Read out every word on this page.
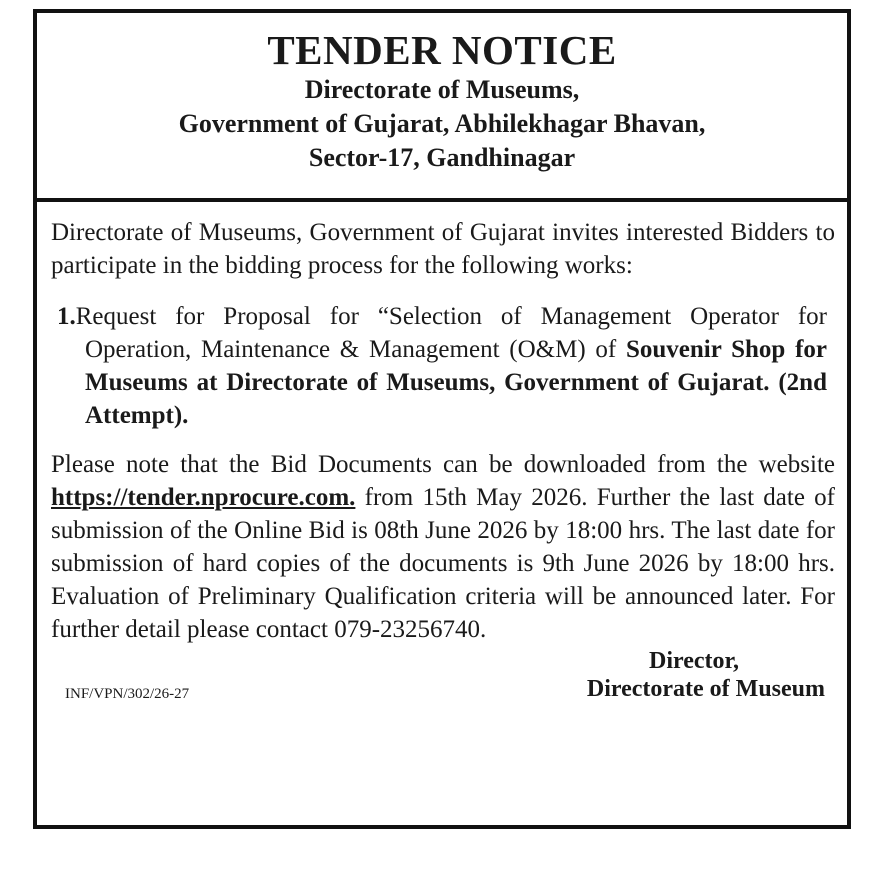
TENDER NOTICE
Directorate of Museums,
Government of Gujarat, Abhilekhagar Bhavan,
Sector-17, Gandhinagar

Directorate of Museums, Government of Gujarat invites interested Bidders to participate in the bidding process for the following works:

1.Request for Proposal for “Selection of Management Operator for Operation, Maintenance & Management (O&M) of Souvenir Shop for Museums at Directorate of Museums, Government of Gujarat. (2nd Attempt).

Please note that the Bid Documents can be downloaded from the website https://tender.nprocure.com. from 15th May 2026. Further the last date of submission of the Online Bid is 08th June 2026 by 18:00 hrs. The last date for submission of hard copies of the documents is 9th June 2026 by 18:00 hrs. Evaluation of Preliminary Qualification criteria will be announced later. For further detail please contact 079-23256740.

Director,
Directorate of Museum
INF/VPN/302/26-27
